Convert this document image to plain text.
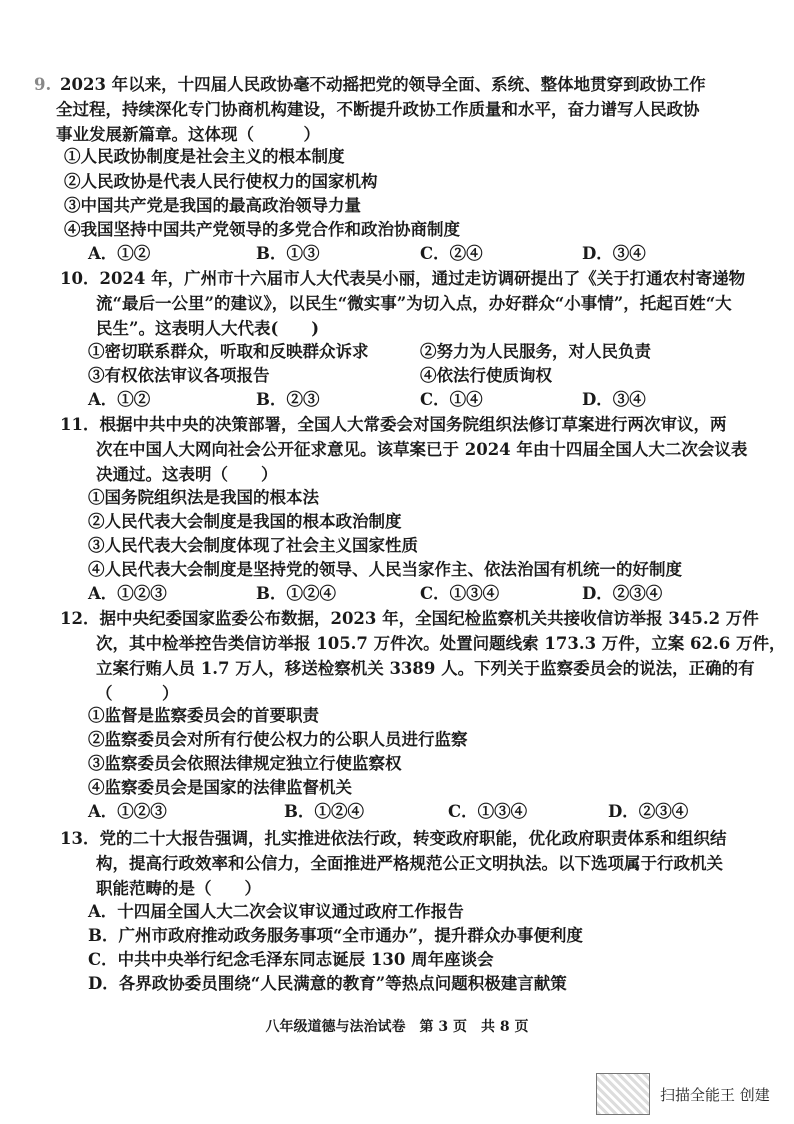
9. 2023 年以来，十四届人民政协毫不动摇把党的领导全面、系统、整体地贯穿到政协工作
全过程，持续深化专门协商机构建设，不断提升政协工作质量和水平，奋力谱写人民政协
事业发展新篇章。这体现（　　　）
①人民政协制度是社会主义的根本制度
②人民政协是代表人民行使权力的国家机构
③中国共产党是我国的最高政治领导力量
④我国坚持中国共产党领导的多党合作和政治协商制度
A．①②	B．①③	C．②④	D．③④
10．2024 年，广州市十六届市人大代表吴小丽，通过走访调研提出了《关于打通农村寄递物
流“最后一公里”的建议》，以民生“微实事”为切入点，办好群众“小事情”，托起百姓“大
民生”。这表明人大代表(　　)
①密切联系群众，听取和反映群众诉求	②努力为人民服务，对人民负责
③有权依法审议各项报告	④依法行使质询权
A．①②	B．②③	C．①④	D．③④
11．根据中共中央的决策部署，全国人大常委会对国务院组织法修订草案进行两次审议，两
次在中国人大网向社会公开征求意见。该草案已于 2024 年由十四届全国人大二次会议表
决通过。这表明（　　）
①国务院组织法是我国的根本法
②人民代表大会制度是我国的根本政治制度
③人民代表大会制度体现了社会主义国家性质
④人民代表大会制度是坚持党的领导、人民当家作主、依法治国有机统一的好制度
A．①②③	B．①②④	C．①③④	D．②③④
12．据中央纪委国家监委公布数据，2023 年，全国纪检监察机关共接收信访举报 345.2 万件
次，其中检举控告类信访举报 105.7 万件次。处置问题线索 173.3 万件，立案 62.6 万件，
立案行贿人员 1.7 万人，移送检察机关 3389 人。下列关于监察委员会的说法，正确的有
（　　　）
①监督是监察委员会的首要职责
②监察委员会对所有行使公权力的公职人员进行监察
③监察委员会依照法律规定独立行使监察权
④监察委员会是国家的法律监督机关
A．①②③	B．①②④	C．①③④	D．②③④
13．党的二十大报告强调，扎实推进依法行政，转变政府职能，优化政府职责体系和组织结
构，提高行政效率和公信力，全面推进严格规范公正文明执法。以下选项属于行政机关
职能范畴的是（　　）
A．十四届全国人大二次会议审议通过政府工作报告
B．广州市政府推动政务服务事项“全市通办”，提升群众办事便利度
C．中共中央举行纪念毛泽东同志诞辰 130 周年座谈会
D．各界政协委员围绕“人民满意的教育”等热点问题积极建言献策
八年级道德与法治试卷　第 3 页　共 8 页
扫描全能王 创建
